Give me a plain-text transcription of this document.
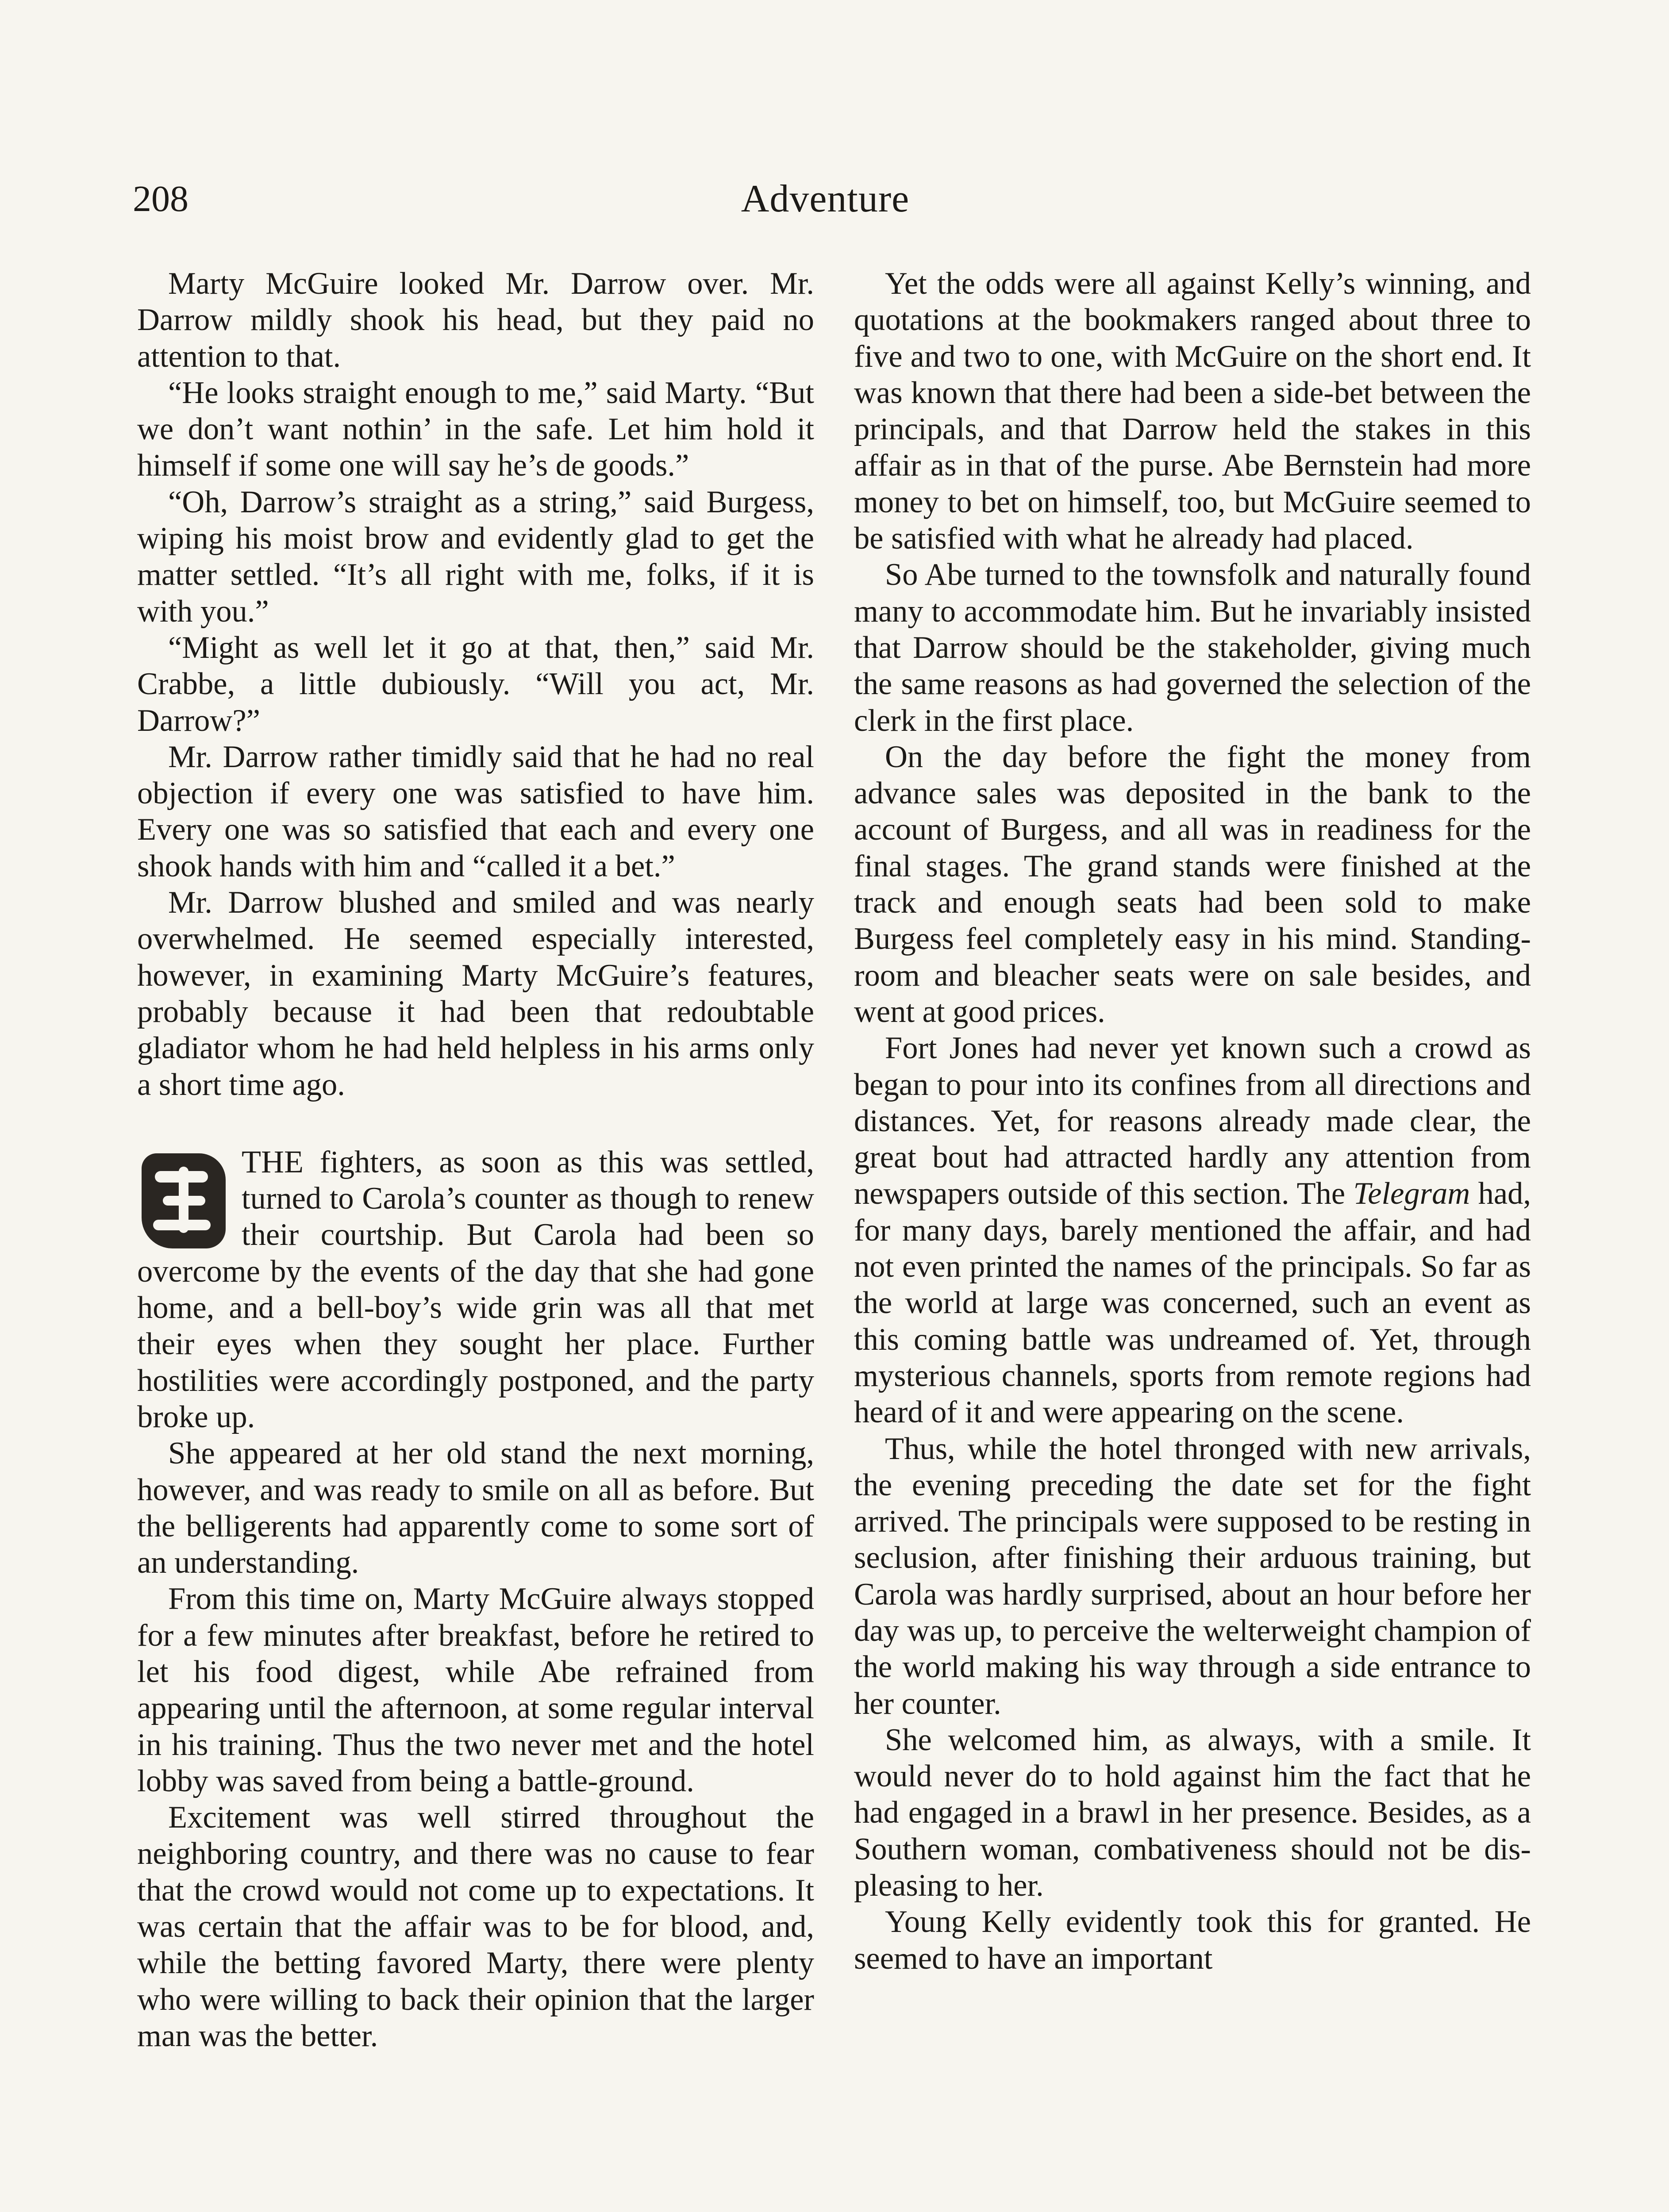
208	Adventure

Marty McGuire looked Mr. Darrow over. Mr. Darrow mildly shook his head, but they paid no attention to that.

“He looks straight enough to me,” said Marty. “But we don’t want nothin’ in the safe. Let him hold it himself if some one will say he’s de goods.”

“Oh, Darrow’s straight as a string,” said Burgess, wiping his moist brow and evidently glad to get the matter settled. “It’s all right with me, folks, if it is with you.”

“Might as well let it go at that, then,” said Mr. Crabbe, a little dubiously. “Will you act, Mr. Darrow?”

Mr. Darrow rather timidly said that he had no real objection if every one was satisfied to have him. Every one was so satisfied that each and every one shook hands with him and “called it a bet.”

Mr. Darrow blushed and smiled and was nearly overwhelmed. He seemed especially interested, however, in examining Marty McGuire’s features, probably because it had been that redoubtable gladiator whom he had held helpless in his arms only a short time ago.

THE fighters, as soon as this was settled, turned to Carola’s counter as though to renew their courtship. But Carola had been so overcome by the events of the day that she had gone home, and a bell-boy’s wide grin was all that met their eyes when they sought her place. Further hostilities were accordingly postponed, and the party broke up.

She appeared at her old stand the next morning, however, and was ready to smile on all as before. But the belligerents had apparently come to some sort of an understanding.

From this time on, Marty McGuire always stopped for a few minutes after breakfast, before he retired to let his food digest, while Abe refrained from appearing until the afternoon, at some regular interval in his training. Thus the two never met and the hotel lobby was saved from being a battle-ground.

Excitement was well stirred throughout the neighboring country, and there was no cause to fear that the crowd would not come up to expectations. It was certain that the affair was to be for blood, and, while the betting favored Marty, there were plenty who were willing to back their opinion that the larger man was the better.

Yet the odds were all against Kelly’s winning, and quotations at the bookmakers ranged about three to five and two to one, with McGuire on the short end. It was known that there had been a side-bet between the principals, and that Darrow held the stakes in this affair as in that of the purse. Abe Bernstein had more money to bet on himself, too, but McGuire seemed to be satisfied with what he already had placed.

So Abe turned to the townsfolk and naturally found many to accommodate him. But he invariably insisted that Darrow should be the stakeholder, giving much the same reasons as had governed the selection of the clerk in the first place.

On the day before the fight the money from advance sales was deposited in the bank to the account of Burgess, and all was in readiness for the final stages. The grand stands were finished at the track and enough seats had been sold to make Burgess feel completely easy in his mind. Standing-room and bleacher seats were on sale besides, and went at good prices.

Fort Jones had never yet known such a crowd as began to pour into its confines from all directions and distances. Yet, for reasons already made clear, the great bout had attracted hardly any attention from newspapers outside of this section. The Telegram had, for many days, barely mentioned the affair, and had not even printed the names of the principals. So far as the world at large was concerned, such an event as this coming battle was undreamed of. Yet, through mysterious channels, sports from remote regions had heard of it and were appearing on the scene.

Thus, while the hotel thronged with new arrivals, the evening preceding the date set for the fight arrived. The principals were supposed to be resting in seclusion, after finishing their arduous training, but Carola was hardly surprised, about an hour before her day was up, to perceive the welterweight champion of the world making his way through a side entrance to her counter.

She welcomed him, as always, with a smile. It would never do to hold against him the fact that he had engaged in a brawl in her presence. Besides, as a Southern woman, combativeness should not be displeasing to her.

Young Kelly evidently took this for granted. He seemed to have an important
